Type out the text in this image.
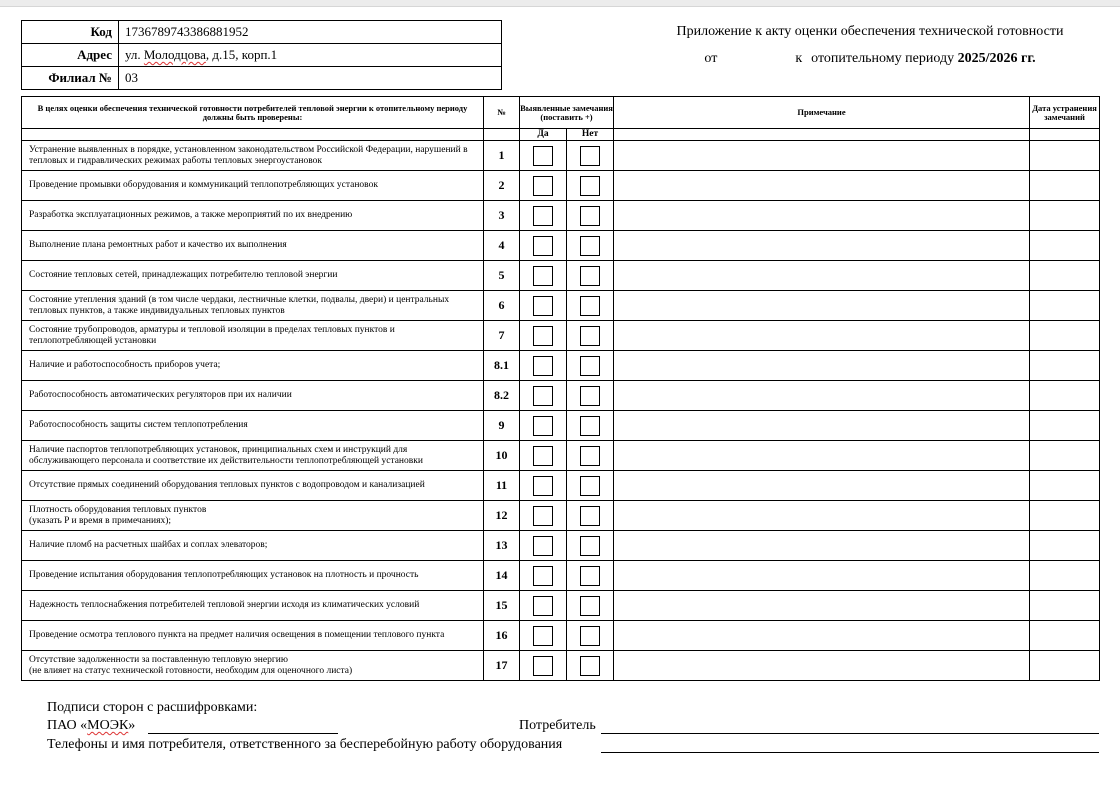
Код	1736789743386881952
Адрес	ул. Молодцова, д.15, корп.1
Филиал №	03
Приложение к акту оценки обеспечения технической готовности
от	к отопительному периоду 2025/2026 гг.
В целях оценки обеспечения технической готовности потребителей тепловой энергии к отопительному периоду должны быть проверены:	№	Выявленные замечания (поставить +)		Примечание	Дата устранения замечаний
		Да	Нет		
Устранение выявленных в порядке, установленном законодательством Российской Федерации, нарушений в тепловых и гидравлических режимах работы тепловых энергоустановок	1				
Проведение промывки оборудования и коммуникаций теплопотребляющих установок	2				
Разработка эксплуатационных режимов, а также мероприятий по их внедрению	3				
Выполнение плана ремонтных работ и качество их выполнения	4				
Состояние тепловых сетей, принадлежащих потребителю тепловой энергии	5				
Состояние утепления зданий (в том числе чердаки, лестничные клетки, подвалы, двери) и центральных тепловых пунктов, а также индивидуальных тепловых пунктов	6				
Состояние трубопроводов, арматуры и тепловой изоляции в пределах тепловых пунктов и теплопотребляющей установки	7				
Наличие и работоспособность приборов учета;	8.1				
Работоспособность автоматических регуляторов при их наличии	8.2				
Работоспособность защиты систем теплопотребления	9				
Наличие паспортов теплопотребляющих установок, принципиальных схем и инструкций для обслуживающего персонала и соответствие их действительности теплопотребляющей установки	10				
Отсутствие прямых соединений оборудования тепловых пунктов с водопроводом и канализацией	11				
Плотность оборудования тепловых пунктов
(указать P и время в примечаниях);	12				
Наличие пломб на расчетных шайбах и соплах элеваторов;	13				
Проведение испытания оборудования теплопотребляющих установок на плотность и прочность	14				
Надежность теплоснабжения потребителей тепловой энергии исходя из климатических условий	15				
Проведение осмотра теплового пункта на предмет наличия освещения в помещении теплового пункта	16				
Отсутствие задолженности за поставленную тепловую энергию
(не влияет на статус технической готовности, необходим для оценочного листа)	17				
Подписи сторон с расшифровками:
ПАО «МОЭК»	Потребитель
Телефоны и имя потребителя, ответственного за бесперебойную работу оборудования
